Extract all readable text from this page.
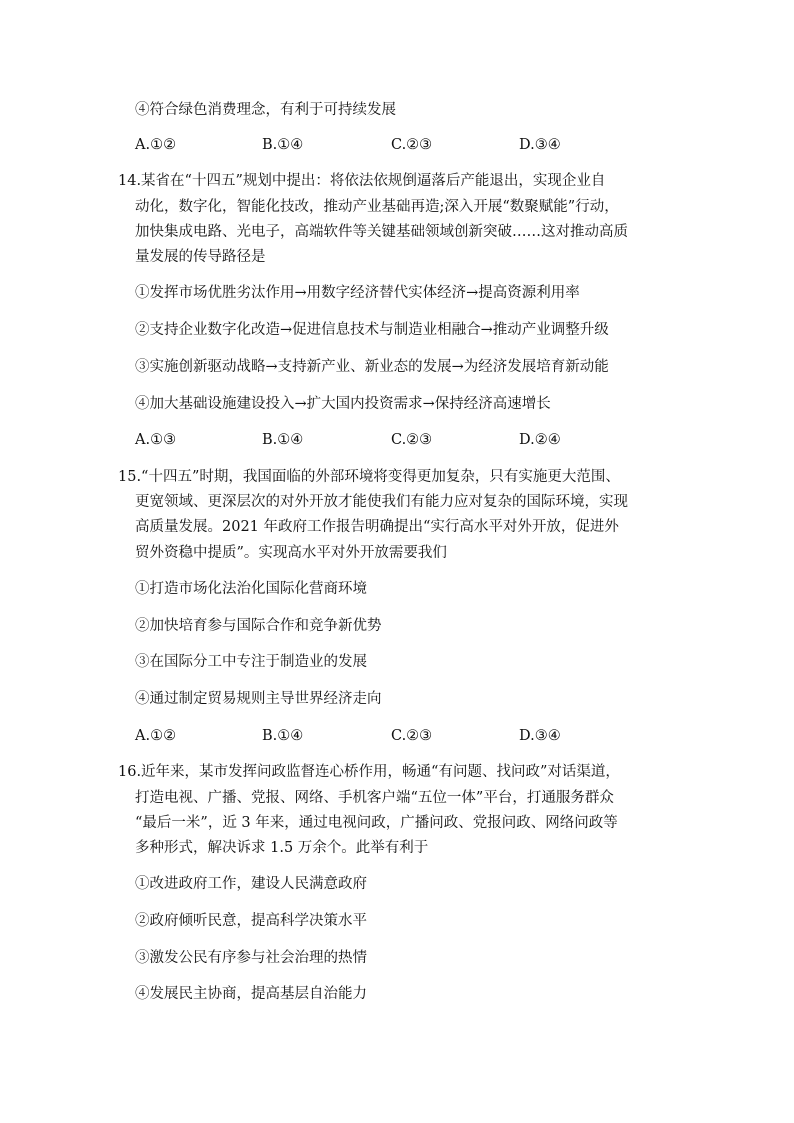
④符合绿色消费理念，有利于可持续发展
A.①②	B.①④	C.②③	D.③④
14.某省在“十四五”规划中提出：将依法依规倒逼落后产能退出，实现企业自
动化，数字化，智能化技改，推动产业基础再造;深入开展“数聚赋能”行动，
加快集成电路、光电子，高端软件等关键基础领域创新突破……这对推动高质
量发展的传导路径是
①发挥市场优胜劣汰作用→用数字经济替代实体经济→提高资源利用率
②支持企业数字化改造→促进信息技术与制造业相融合→推动产业调整升级
③实施创新驱动战略→支持新产业、新业态的发展→为经济发展培育新动能
④加大基础设施建设投入→扩大国内投资需求→保持经济高速增长
A.①③	B.①④	C.②③	D.②④
15.“十四五”时期，我国面临的外部环境将变得更加复杂，只有实施更大范围、
更宽领域、更深层次的对外开放才能使我们有能力应对复杂的国际环境，实现
高质量发展。2021 年政府工作报告明确提出“实行高水平对外开放，促进外
贸外资稳中提质”。实现高水平对外开放需要我们
①打造市场化法治化国际化营商环境
②加快培育参与国际合作和竞争新优势
③在国际分工中专注于制造业的发展
④通过制定贸易规则主导世界经济走向
A.①②	B.①④	C.②③	D.③④
16.近年来，某市发挥问政监督连心桥作用，畅通“有问题、找问政”对话渠道，
打造电视、广播、党报、网络、手机客户端“五位一体”平台，打通服务群众
“最后一米”，近 3 年来，通过电视问政，广播问政、党报问政、网络问政等
多种形式，解决诉求 1.5 万余个。此举有利于
①改进政府工作，建设人民满意政府
②政府倾听民意，提高科学决策水平
③激发公民有序参与社会治理的热情
④发展民主协商，提高基层自治能力
